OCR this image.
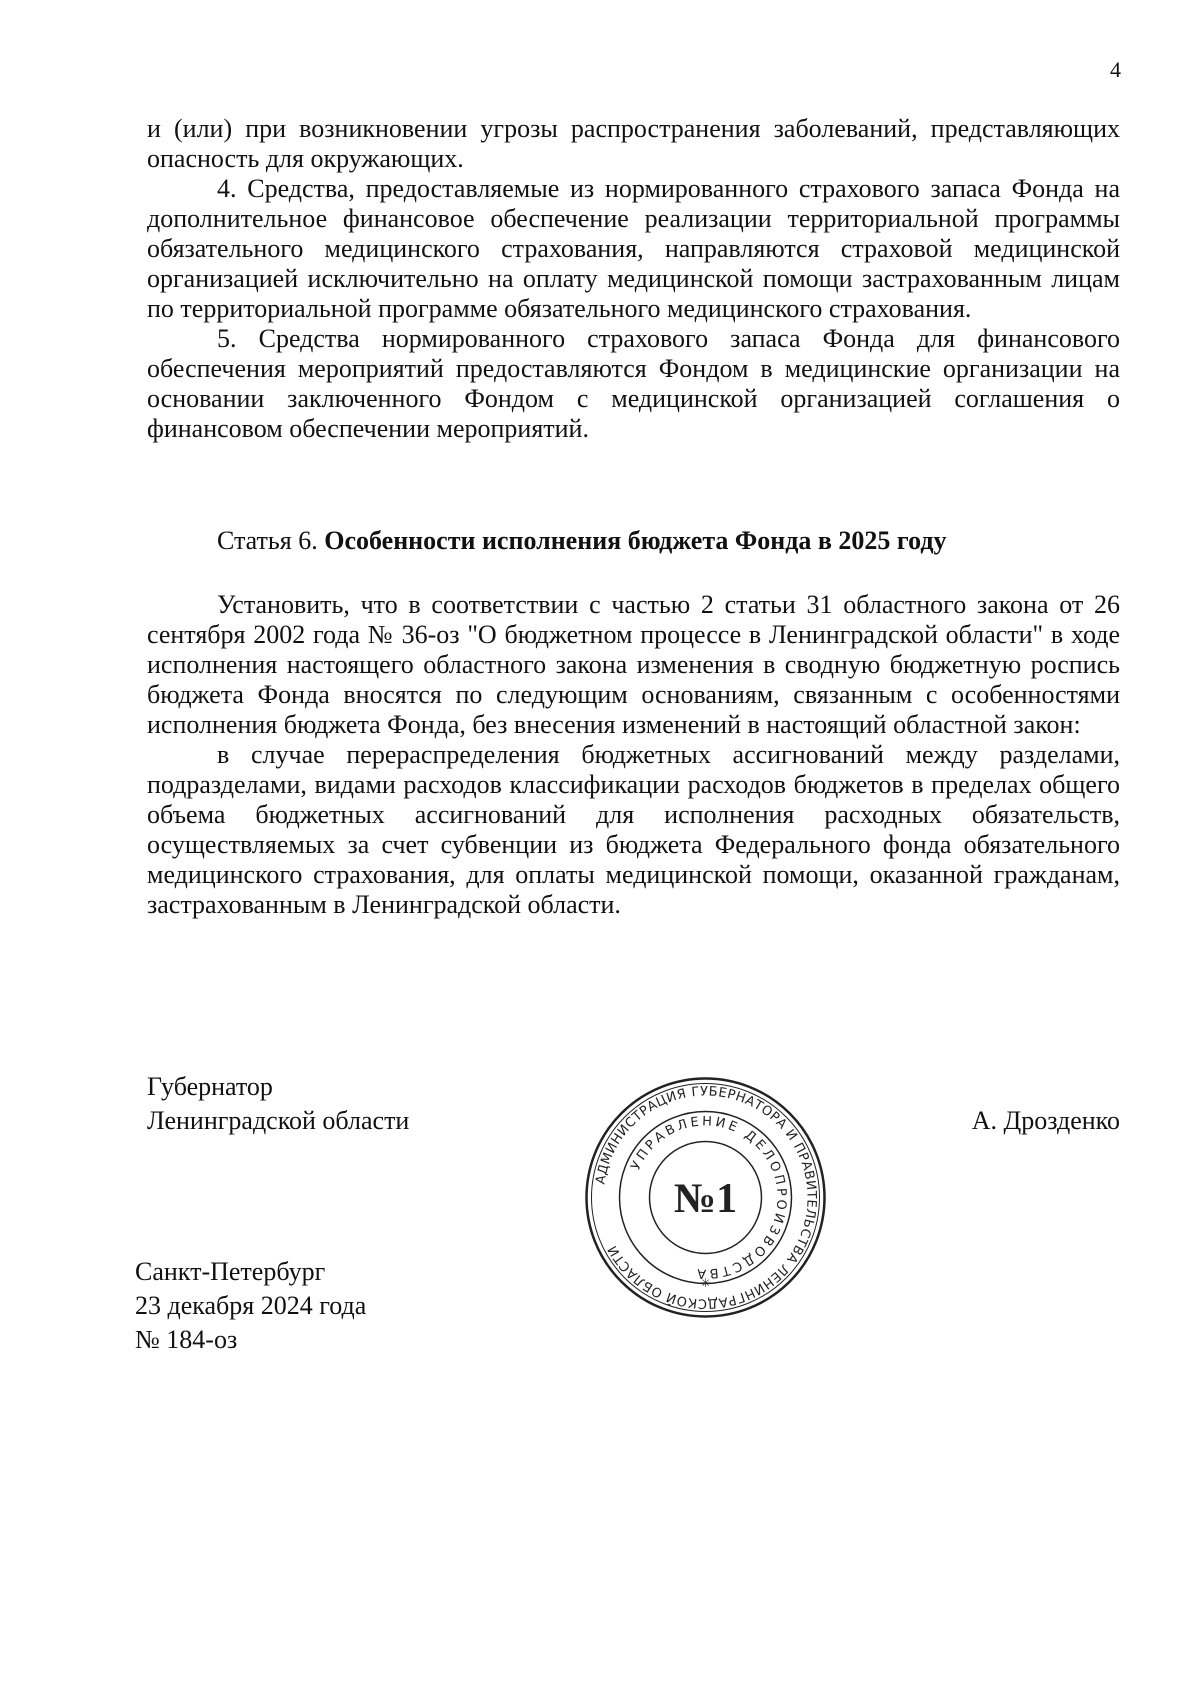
4

и (или) при возникновении угрозы распространения заболеваний, представляющих опасность для окружающих.

4. Средства, предоставляемые из нормированного страхового запаса Фонда на дополнительное финансовое обеспечение реализации территориальной программы обязательного медицинского страхования, направляются страховой медицинской организацией исключительно на оплату медицинской помощи застрахованным лицам по территориальной программе обязательного медицинского страхования.

5. Средства нормированного страхового запаса Фонда для финансового обеспечения мероприятий предоставляются Фондом в медицинские организации на основании заключенного Фондом с медицинской организацией соглашения о финансовом обеспечении мероприятий.

Статья 6. Особенности исполнения бюджета Фонда в 2025 году

Установить, что в соответствии с частью 2 статьи 31 областного закона от 26 сентября 2002 года № 36-оз "О бюджетном процессе в Ленинградской области" в ходе исполнения настоящего областного закона изменения в сводную бюджетную роспись бюджета Фонда вносятся по следующим основаниям, связанным с особенностями исполнения бюджета Фонда, без внесения изменений в настоящий областной закон:

в случае перераспределения бюджетных ассигнований между разделами, подразделами, видами расходов классификации расходов бюджетов в пределах общего объема бюджетных ассигнований для исполнения расходных обязательств, осуществляемых за счет субвенции из бюджета Федерального фонда обязательного медицинского страхования, для оплаты медицинской помощи, оказанной гражданам, застрахованным в Ленинградской области.

Губернатор
Ленинградской области	А. Дрозденко
АДМИНИСТРАЦИЯ ГУБЕРНАТОРА И ПРАВИТЕЛЬСТВА ЛЕНИНГРАДСКОЙ ОБЛАСТИ
УПРАВЛЕНИЕ ДЕЛОПРОИЗВОДСТВА
№1
✳
Санкт-Петербург
23 декабря 2024 года
№ 184-оз
